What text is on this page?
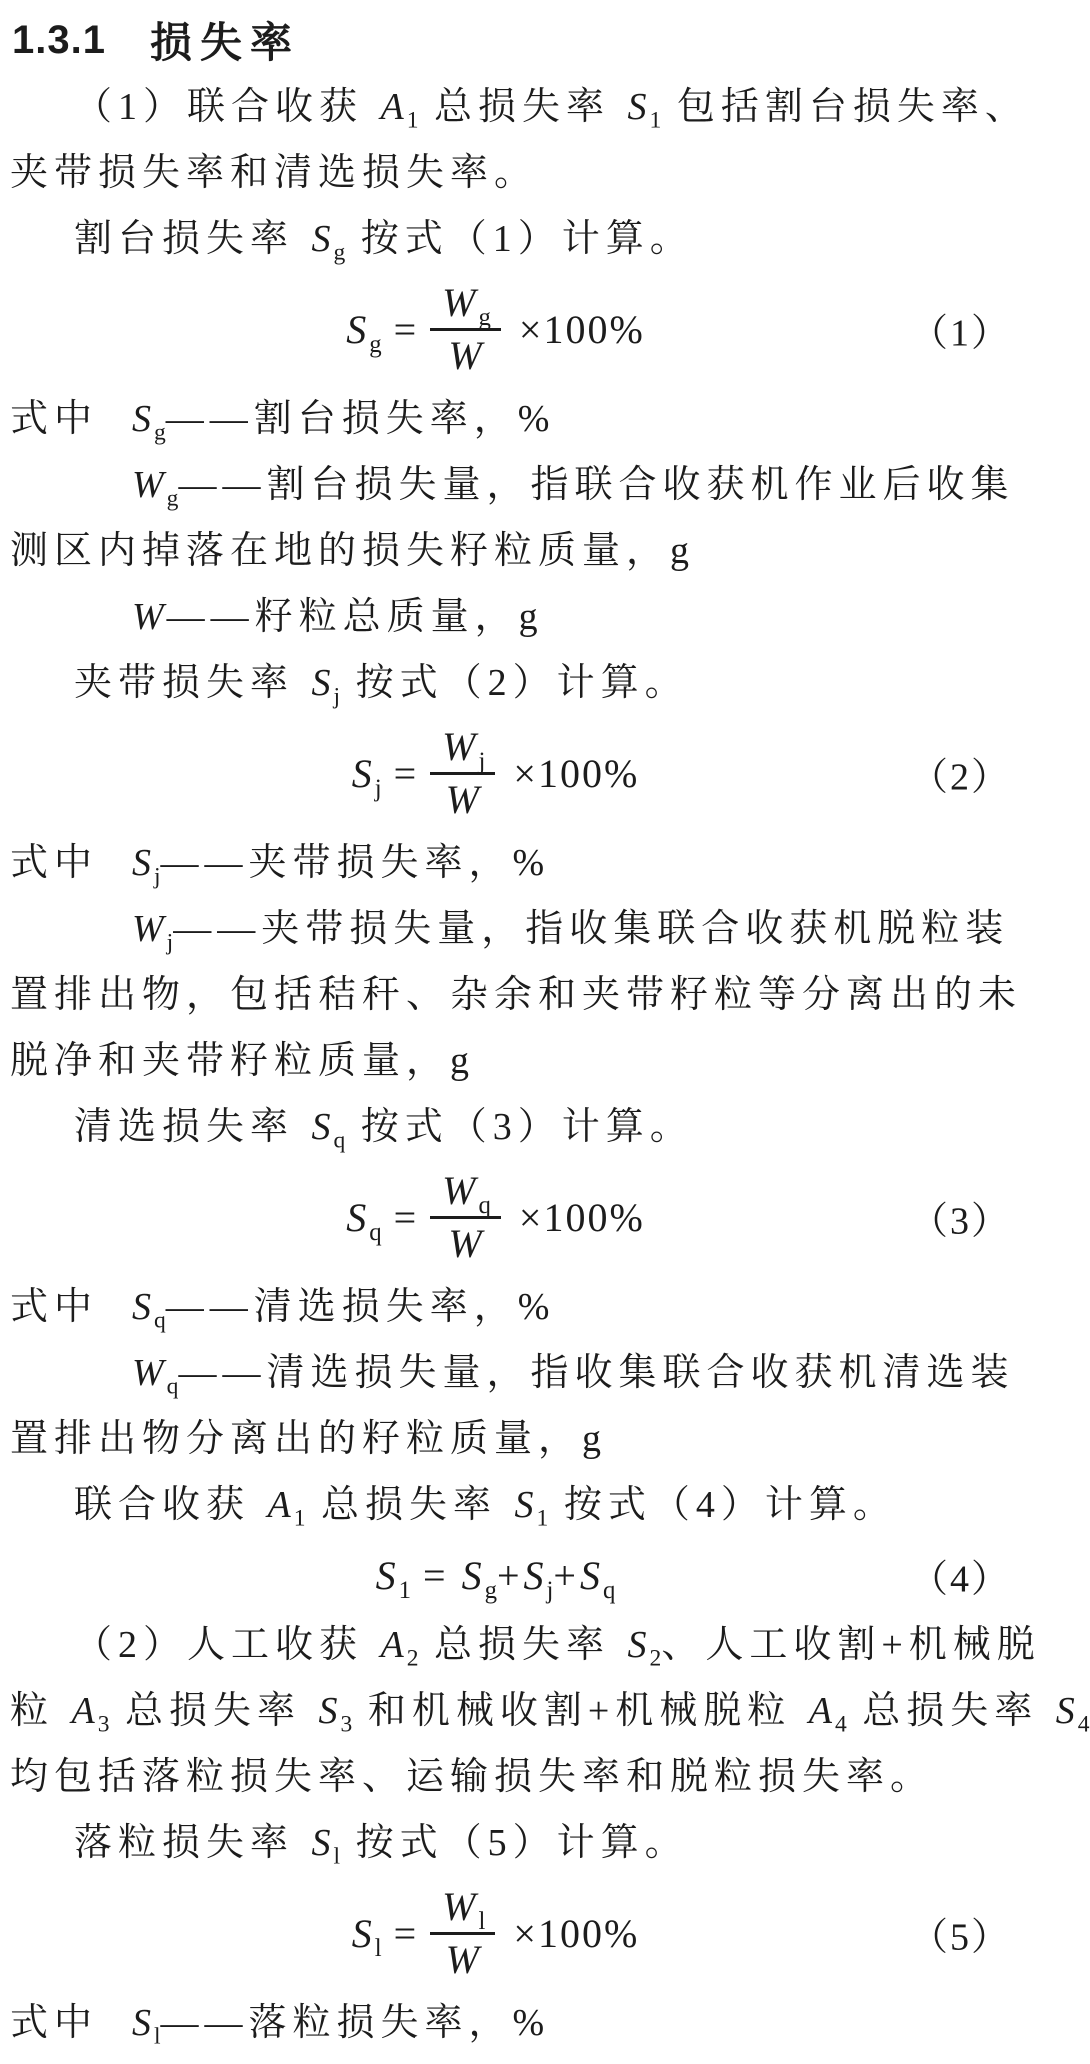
1.3.1 损失率
（1）联合收获 $A_1$ 总损失率 $S_1$ 包括割台损失率、
夹带损失率和清选损失率。
割台损失率 $S_g$ 按式（1）计算。
$S_g = \frac{W_g}{W} \times 100\%$	（1）
式中 $S_g——$割台损失率，%
$W_g——$割台损失量，指联合收获机作业后收集
测区内掉落在地的损失籽粒质量，g
W——籽粒总质量，g
夹带损失率 $S_j$ 按式（2）计算。
$S_j = \frac{W_j}{W} \times 100\%$	（2）
式中 $S_j——$夹带损失率，%
$W_j——$夹带损失量，指收集联合收获机脱粒装
置排出物，包括秸秆、杂余和夹带籽粒等分离出的未
脱净和夹带籽粒质量，g
清选损失率 $S_q$ 按式（3）计算。
$S_q = \frac{W_q}{W} \times 100\%$	（3）
式中 $S_q——$清选损失率，%
$W_q——$清选损失量，指收集联合收获机清选装
置排出物分离出的籽粒质量，g
联合收获 $A_1$ 总损失率 $S_1$ 按式（4）计算。
$S_1 = S_g+S_j+S_q$	（4）
（2）人工收获 $A_2$ 总损失率 $S_2$、人工收割+机械脱
粒 $A_3$ 总损失率 $S_3$ 和机械收割+机械脱粒 $A_4$ 总损失率 $S_4$
均包括落粒损失率、运输损失率和脱粒损失率。
落粒损失率 $S_l$ 按式（5）计算。
$S_l = \frac{W_l}{W} \times 100\%$	（5）
式中 $S_l——$落粒损失率，%
